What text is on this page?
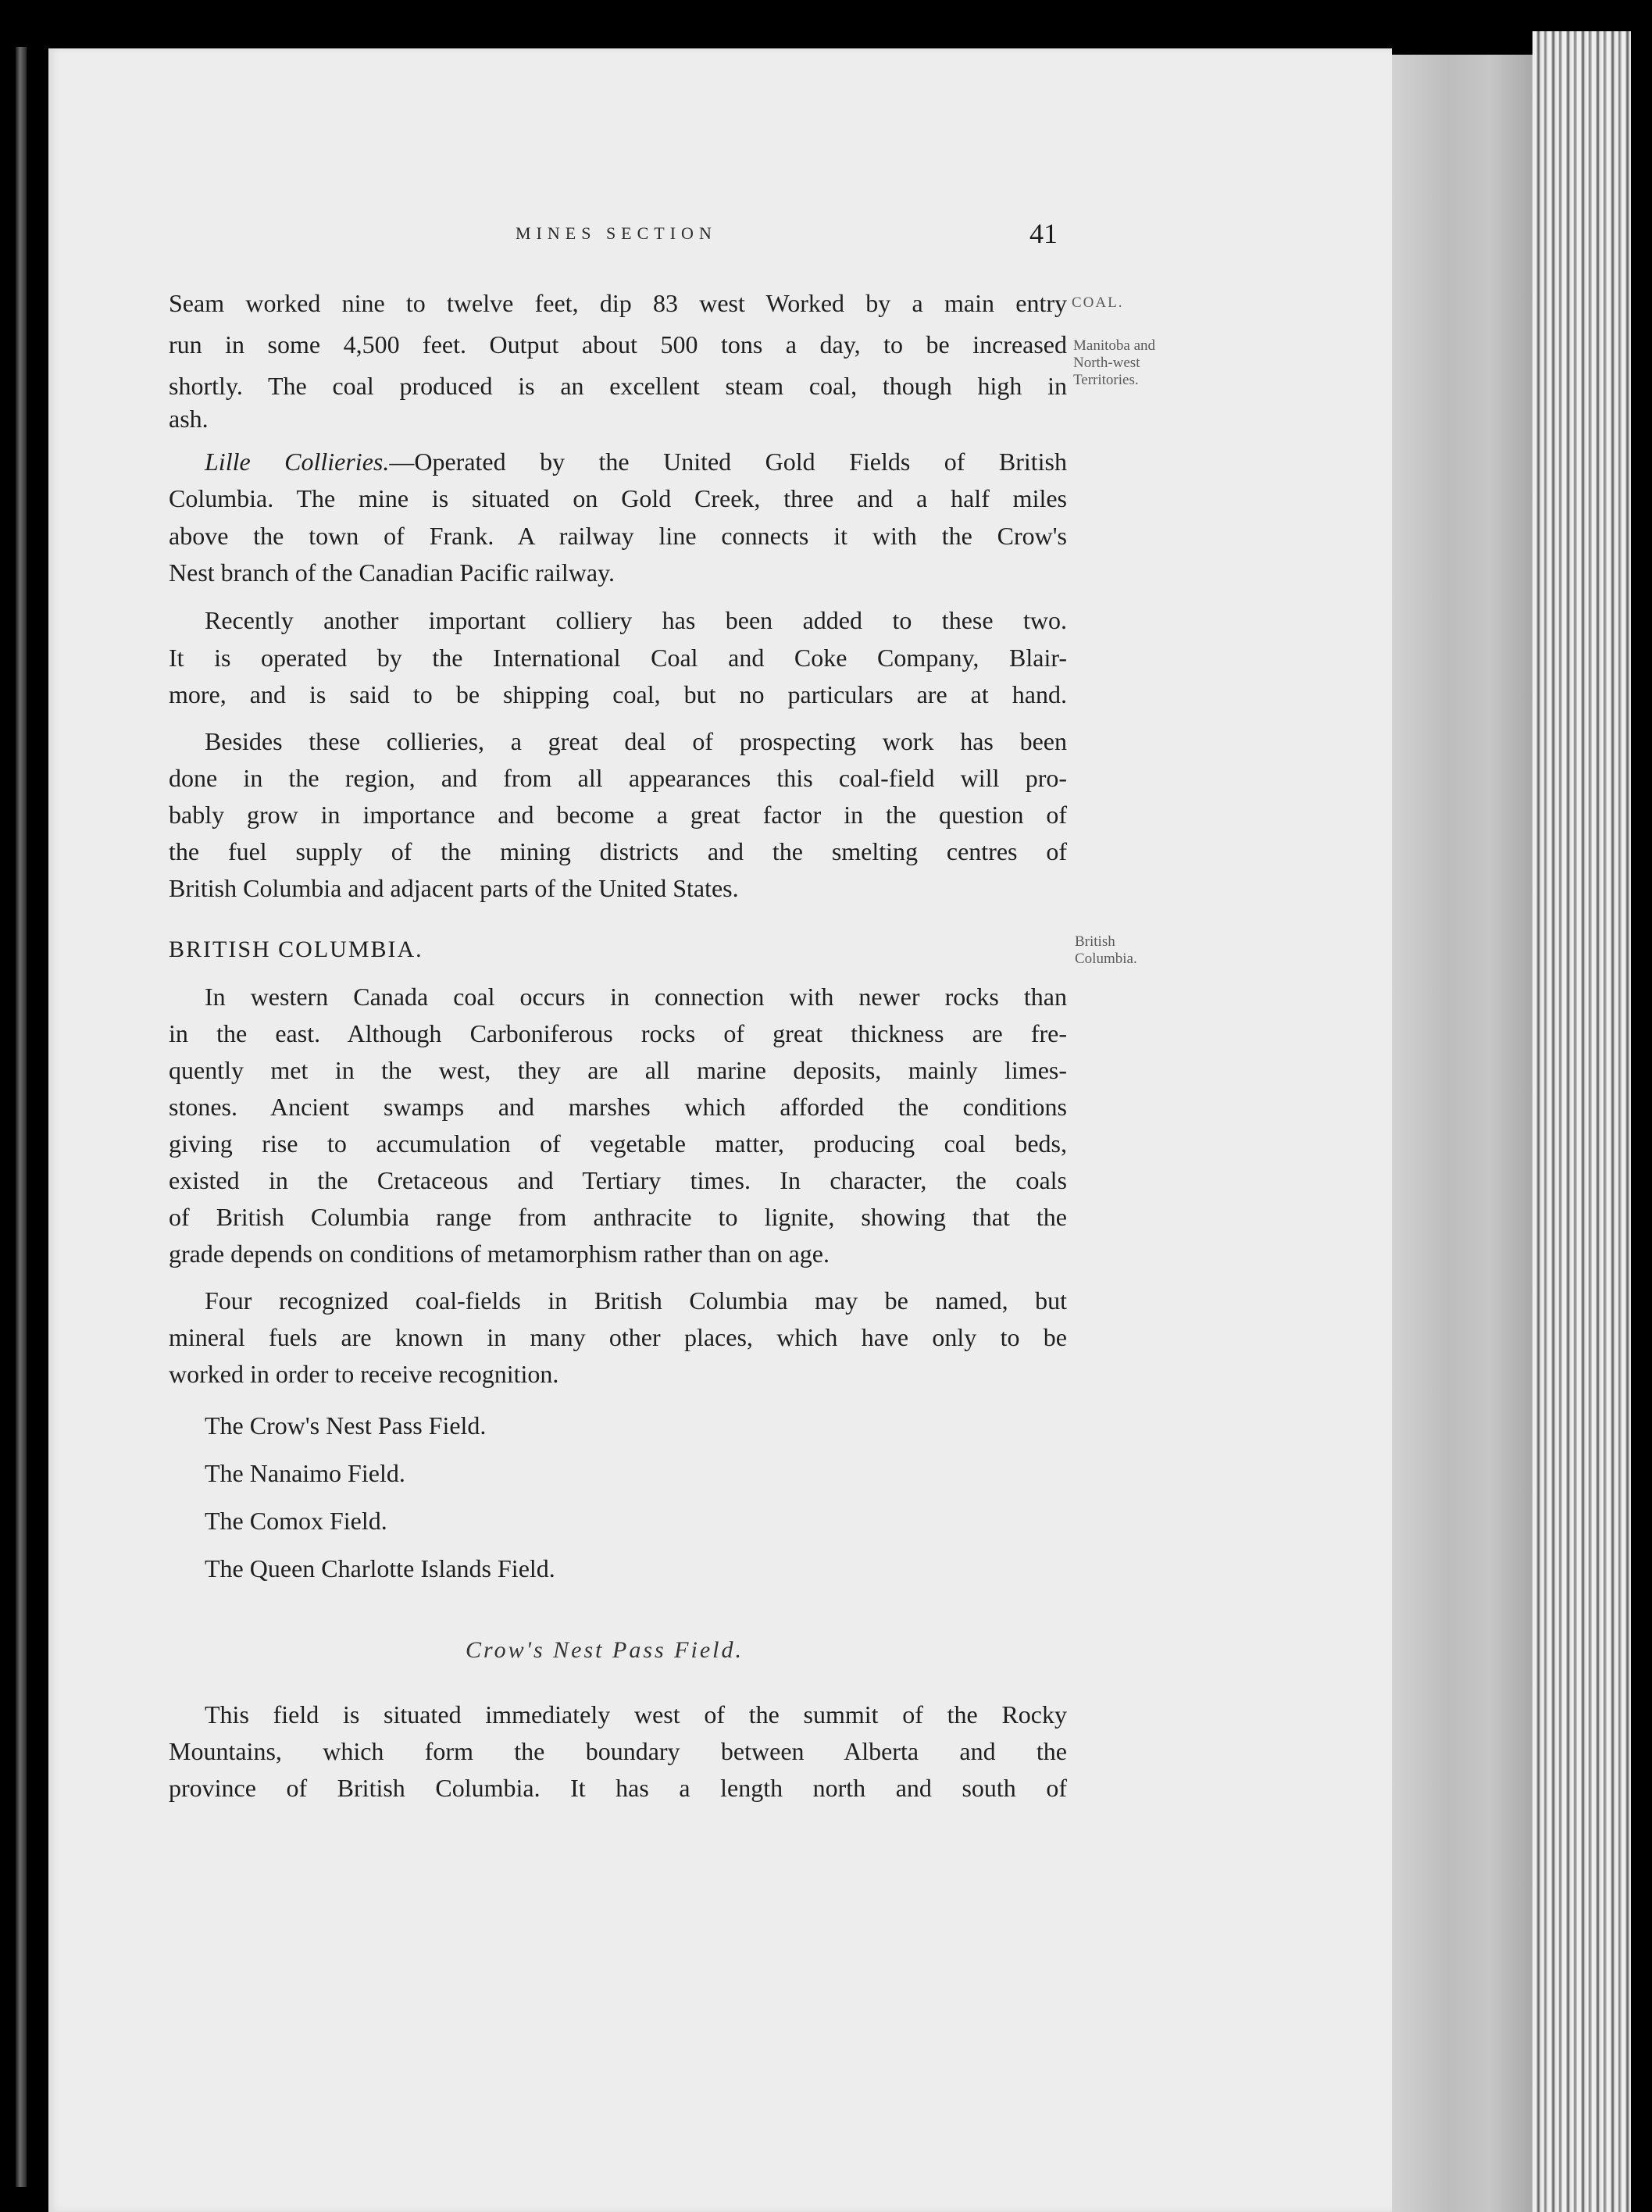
MINES SECTION	41
COAL.
Manitoba and
North-west
Territories.
British
Columbia.
Seam worked nine to twelve feet, dip 83 west Worked by a main entry
run in some 4,500 feet. Output about 500 tons a day, to be increased
shortly. The coal produced is an excellent steam coal, though high in
ash.
Lille Collieries.—Operated by the United Gold Fields of British
Columbia. The mine is situated on Gold Creek, three and a half miles
above the town of Frank. A railway line connects it with the Crow's
Nest branch of the Canadian Pacific railway.
Recently another important colliery has been added to these two.
It is operated by the International Coal and Coke Company, Blair-
more, and is said to be shipping coal, but no particulars are at hand.
Besides these collieries, a great deal of prospecting work has been
done in the region, and from all appearances this coal-field will pro-
bably grow in importance and become a great factor in the question of
the fuel supply of the mining districts and the smelting centres of
British Columbia and adjacent parts of the United States.
BRITISH COLUMBIA.
In western Canada coal occurs in connection with newer rocks than
in the east. Although Carboniferous rocks of great thickness are fre-
quently met in the west, they are all marine deposits, mainly limes-
stones. Ancient swamps and marshes which afforded the conditions
giving rise to accumulation of vegetable matter, producing coal beds,
existed in the Cretaceous and Tertiary times. In character, the coals
of British Columbia range from anthracite to lignite, showing that the
grade depends on conditions of metamorphism rather than on age.
Four recognized coal-fields in British Columbia may be named, but
mineral fuels are known in many other places, which have only to be
worked in order to receive recognition.
The Crow's Nest Pass Field.
The Nanaimo Field.
The Comox Field.
The Queen Charlotte Islands Field.
Crow's Nest Pass Field.
This field is situated immediately west of the summit of the Rocky
Mountains, which form the boundary between Alberta and the
province of British Columbia. It has a length north and south of
